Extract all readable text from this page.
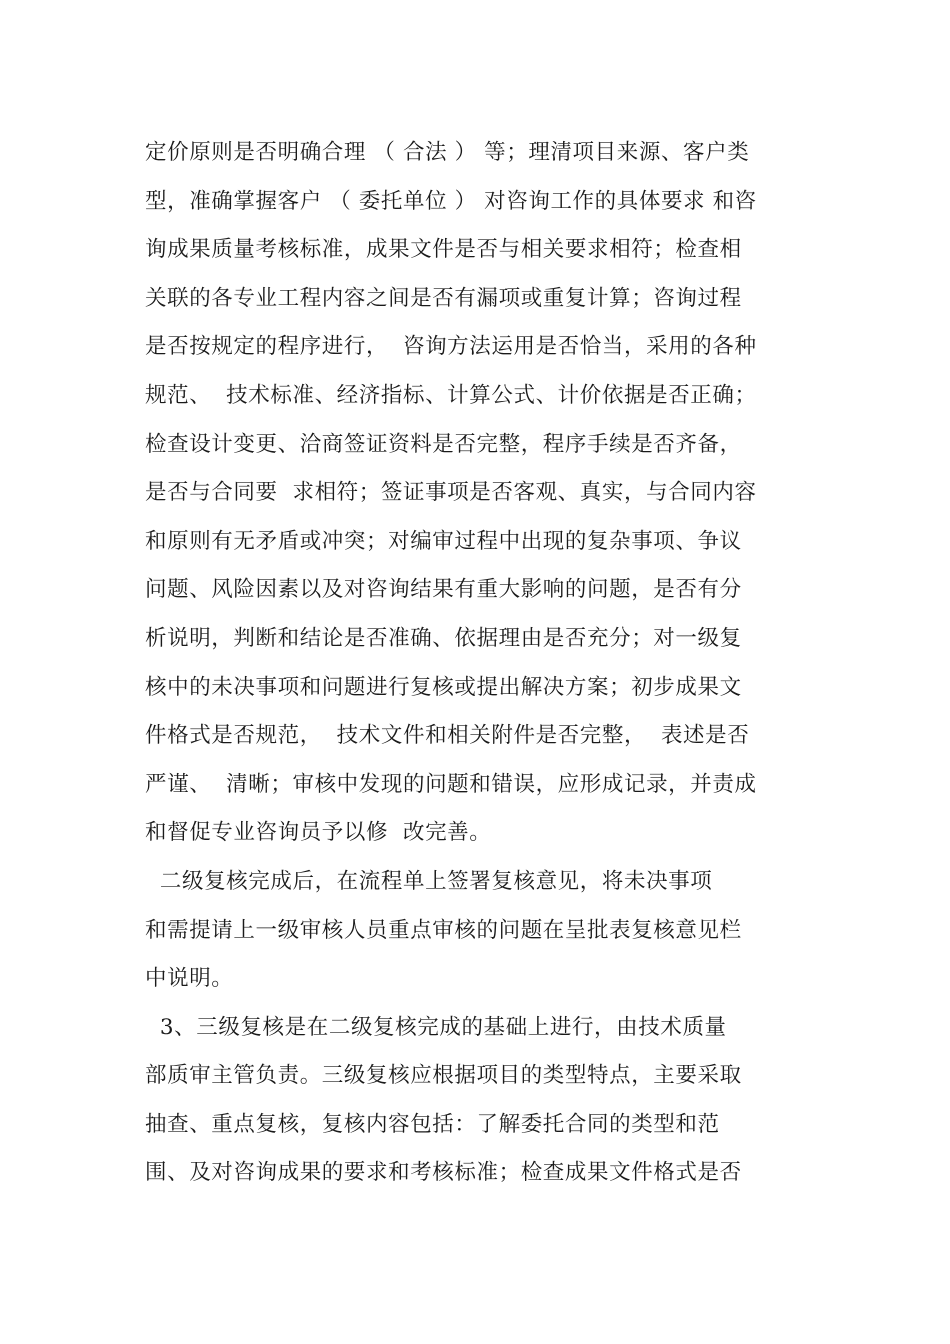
定价原则是否明确合理 （ 合法 ） 等；理清项目来源、客户类
型，准确掌握客户 （ 委托单位 ） 对咨询工作的具体要求 和咨
询成果质量考核标准，成果文件是否与相关要求相符；检查相
关联的各专业工程内容之间是否有漏项或重复计算；咨询过程
是否按规定的程序进行，  咨询方法运用是否恰当，采用的各种
规范、  技术标准、经济指标、计算公式、计价依据是否正确；
检查设计变更、洽商签证资料是否完整，程序手续是否齐备，
是否与合同要  求相符；签证事项是否客观、真实，与合同内容
和原则有无矛盾或冲突；对编审过程中出现的复杂事项、争议
问题、风险因素以及对咨询结果有重大影响的问题，是否有分
析说明，判断和结论是否准确、依据理由是否充分；对一级复
核中的未决事项和问题进行复核或提出解决方案；初步成果文
件格式是否规范，  技术文件和相关附件是否完整，  表述是否
严谨、  清晰；审核中发现的问题和错误，应形成记录，并责成
和督促专业咨询员予以修  改完善。
二级复核完成后，在流程单上签署复核意见，将未决事项
和需提请上一级审核人员重点审核的问题在呈批表复核意见栏
中说明。
3、三级复核是在二级复核完成的基础上进行，由技术质量
部质审主管负责。三级复核应根据项目的类型特点，主要采取
抽查、重点复核，复核内容包括：了解委托合同的类型和范
围、及对咨询成果的要求和考核标准；检查成果文件格式是否
